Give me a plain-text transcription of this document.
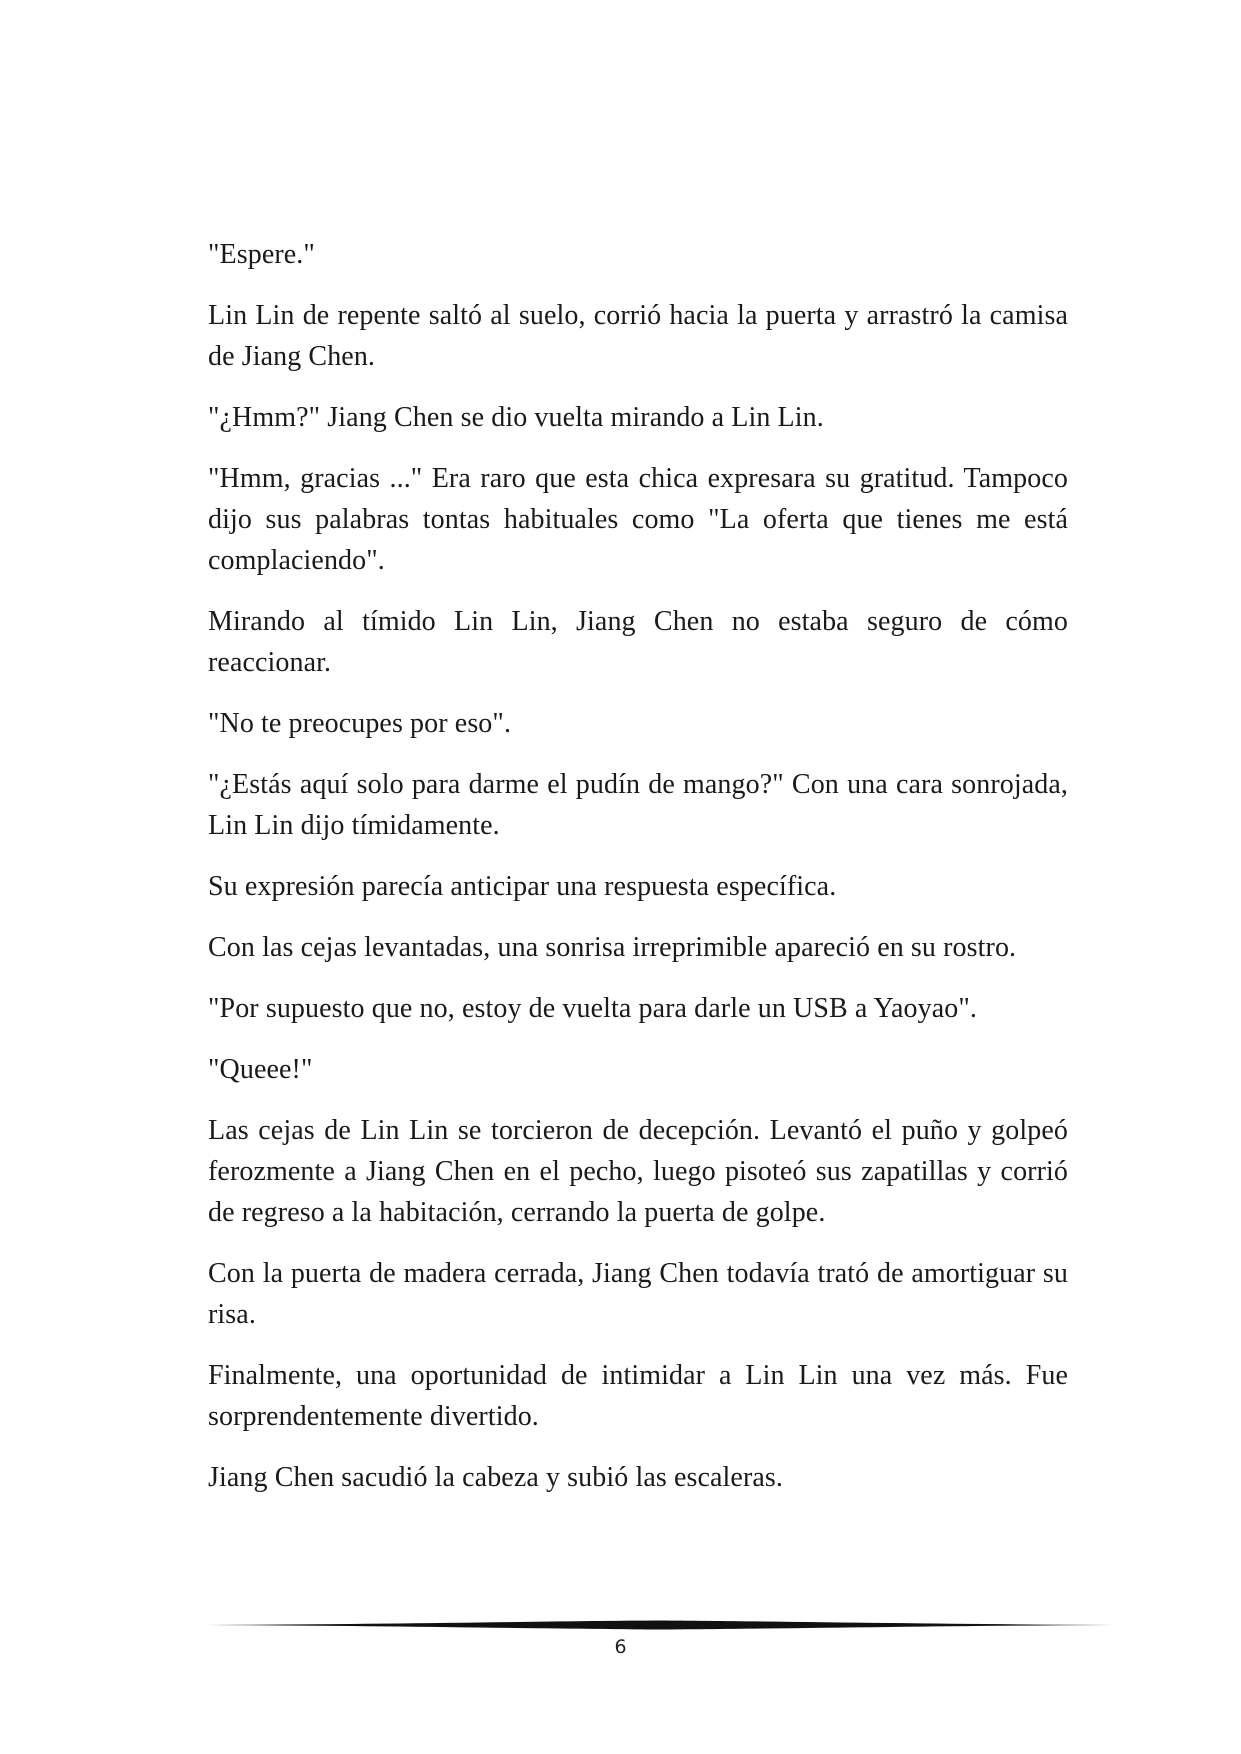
"Espere."

Lin Lin de repente saltó al suelo, corrió hacia la puerta y arrastró la camisa de Jiang Chen.

"¿Hmm?" Jiang Chen se dio vuelta mirando a Lin Lin.

"Hmm, gracias ..." Era raro que esta chica expresara su gratitud. Tampoco dijo sus palabras tontas habituales como "La oferta que tienes me está complaciendo".

Mirando al tímido Lin Lin, Jiang Chen no estaba seguro de cómo reaccionar.

"No te preocupes por eso".

"¿Estás aquí solo para darme el pudín de mango?" Con una cara sonrojada, Lin Lin dijo tímidamente.

Su expresión parecía anticipar una respuesta específica.

Con las cejas levantadas, una sonrisa irreprimible apareció en su rostro.

"Por supuesto que no, estoy de vuelta para darle un USB a Yaoyao".

"Queee!"

Las cejas de Lin Lin se torcieron de decepción. Levantó el puño y golpeó ferozmente a Jiang Chen en el pecho, luego pisoteó sus zapatillas y corrió de regreso a la habitación, cerrando la puerta de golpe.

Con la puerta de madera cerrada, Jiang Chen todavía trató de amortiguar su risa.

Finalmente, una oportunidad de intimidar a Lin Lin una vez más. Fue sorprendentemente divertido.

Jiang Chen sacudió la cabeza y subió las escaleras.

6
